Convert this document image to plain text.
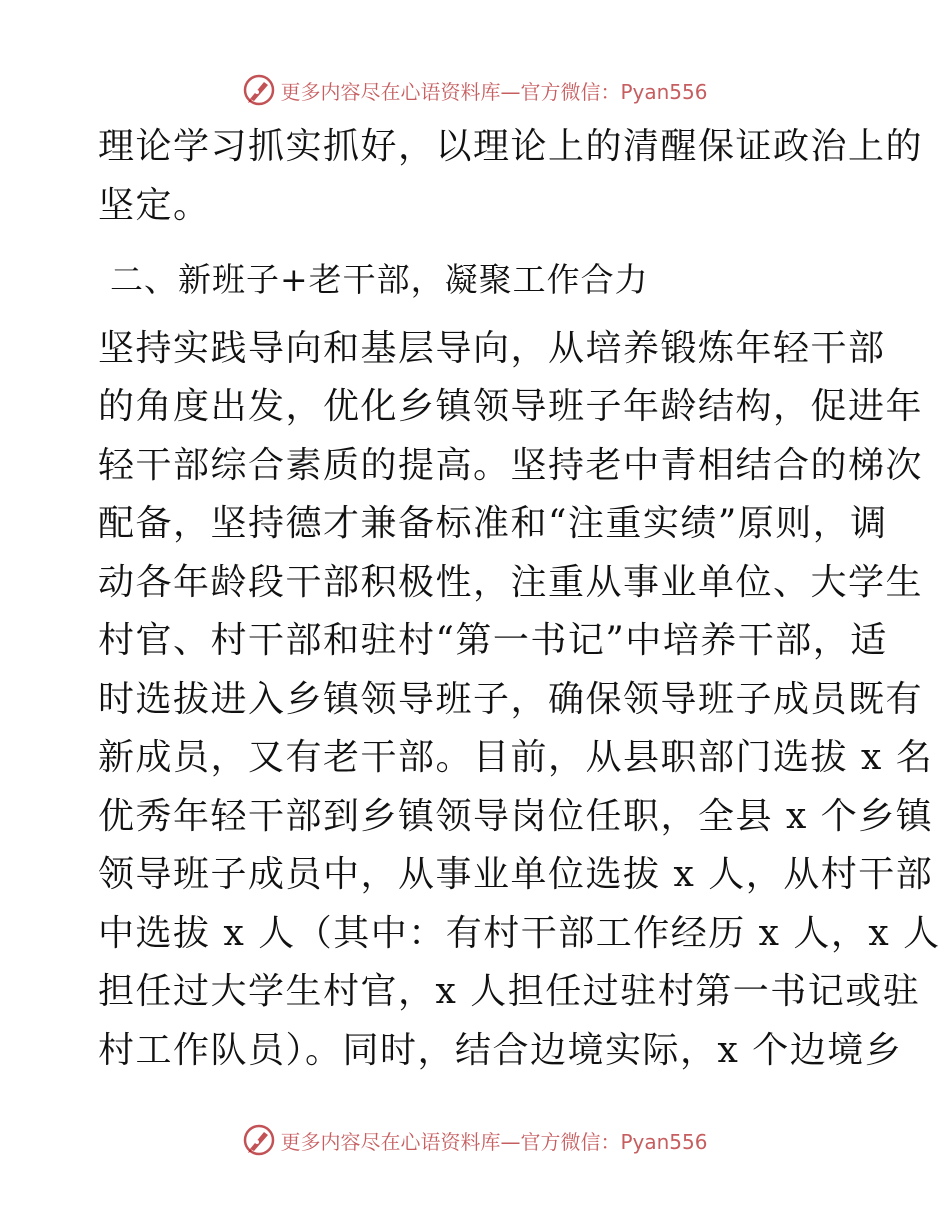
更多内容尽在心语资料库—官方微信：Pyan556
理论学习抓实抓好，以理论上的清醒保证政治上的
坚定。
二、新班子+老干部，凝聚工作合力
坚持实践导向和基层导向，从培养锻炼年轻干部
的角度出发，优化乡镇领导班子年龄结构，促进年
轻干部综合素质的提高。坚持老中青相结合的梯次
配备，坚持德才兼备标准和“注重实绩”原则，调
动各年龄段干部积极性，注重从事业单位、大学生
村官、村干部和驻村“第一书记”中培养干部，适
时选拔进入乡镇领导班子，确保领导班子成员既有
新成员，又有老干部。目前，从县职部门选拔 x 名
优秀年轻干部到乡镇领导岗位任职，全县 x 个乡镇
领导班子成员中，从事业单位选拔 x 人，从村干部
中选拔 x 人（其中：有村干部工作经历 x 人，x 人
担任过大学生村官，x 人担任过驻村第一书记或驻
村工作队员）。同时，结合边境实际，x 个边境乡
更多内容尽在心语资料库—官方微信：Pyan556
